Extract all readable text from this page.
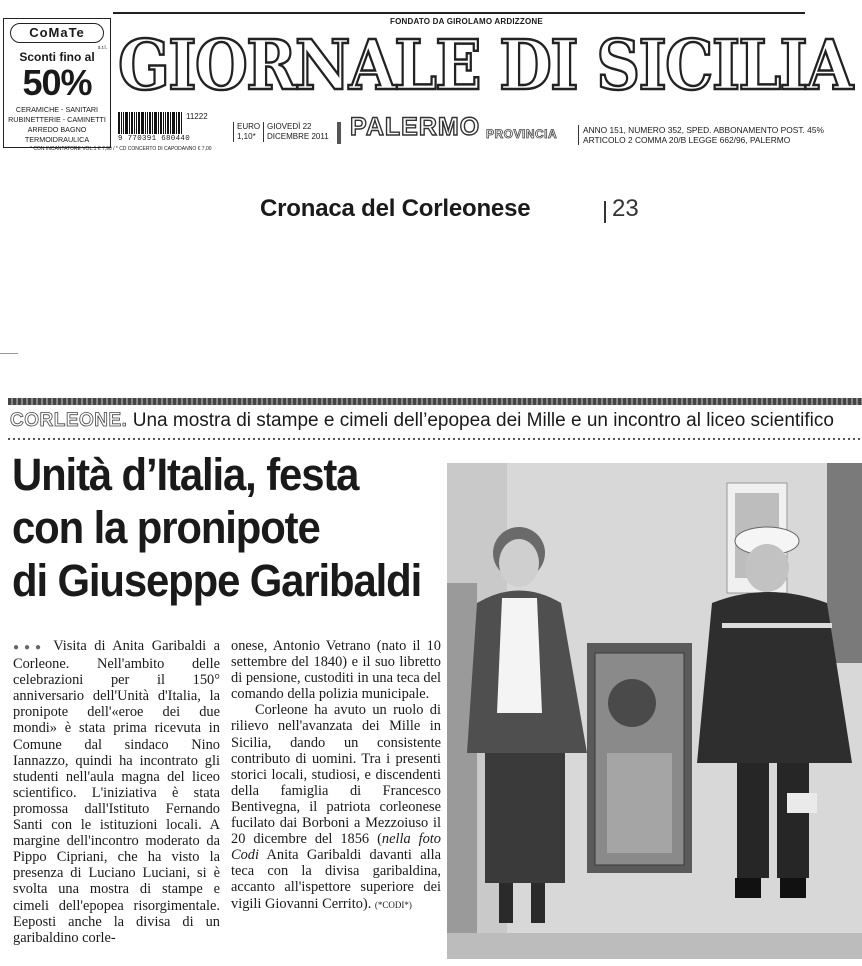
FONDATO DA GIROLAMO ARDIZZONE
CoMaTe
s.r.l.
Sconti fino al
50%
CERAMICHE - SANITARI
RUBINETTERIE - CAMINETTI
ARREDO BAGNO
TERMOIDRAULICA
GIORNALE DI SICILIA
9 770391 680440
11222
EURO
1,10*
GIOVEDÌ 22
DICEMBRE 2011 PALERMO PROVINCIA	ANNO 151, NUMERO 352, SPED. ABBONAMENTO POST. 45%
ARTICOLO 2 COMMA 20/B LEGGE 662/96, PALERMO
* CON INCANTATORE VOL.1 € 7,90 / * CD CONCERTO DI CAPODANNO € 7,00
Cronaca del Corleonese	23
CORLEONE. Una mostra di stampe e cimeli dell’epopea dei Mille e un incontro al liceo scientifico
Unità d’Italia, festa
con la pronipote
di Giuseppe Garibaldi
●●● Visita di Anita Garibaldi a Corleone. Nell'ambito delle celebrazioni per il 150° anniversario dell'Unità d'Italia, la pronipote dell'«eroe dei due mondi» è stata prima ricevuta in Comune dal sindaco Nino Iannazzo, quindi ha incontrato gli studenti nell'aula magna del liceo scientifico. L'iniziativa è stata promossa dall'Istituto Fernando Santi con le istituzioni locali. A margine dell'incontro moderato da Pippo Cipriani, che ha visto la presenza di Luciano Luciani, si è svolta una mostra di stampe e cimeli dell'epopea risorgimentale. Eeposti anche la divisa di un garibaldino corle-
onese, Antonio Vetrano (nato il 10 settembre del 1840) e il suo libretto di pensione, custoditi in una teca del comando della polizia municipale.
Corleone ha avuto un ruolo di rilievo nell'avanzata dei Mille in Sicilia, dando un consistente contributo di uomini. Tra i presenti storici locali, studiosi, e discendenti della famiglia di Francesco Bentivegna, il patriota corleonese fucilato dai Borboni a Mezzoiuso il 20 dicembre del 1856 (nella foto Codi Anita Garibaldi davanti alla teca con la divisa garibaldina, accanto all'ispettore superiore dei vigili Giovanni Cerrito). (*CODI*)
